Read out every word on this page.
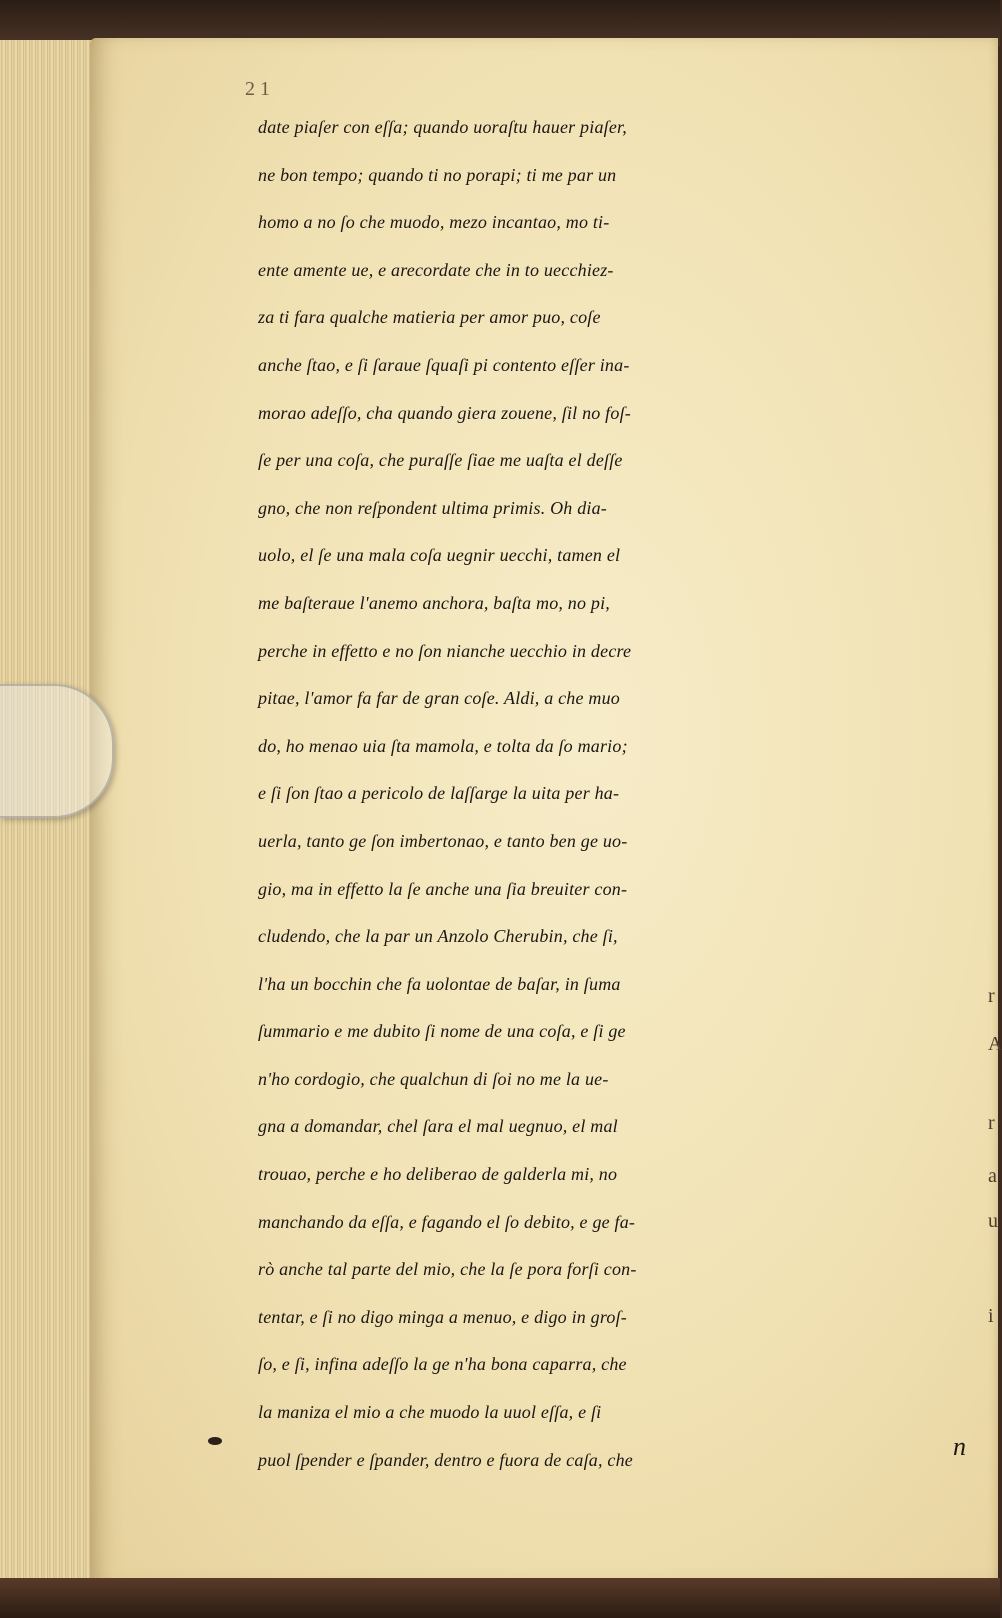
2 1
date piaſer con eſſa; quando uoraſtu hauer piaſer,
ne bon tempo; quando ti no porapi; ti me par un
homo a no ſo che muodo, mezo incantao, mo ti-
ente amente ue, e arecordate che in to uecchiez-
za ti fara qualche matieria per amor puo, coſe
anche ſtao, e ſi ſaraue ſquaſi pi contento eſſer ina-
morao adeſſo, cha quando giera zouene, ſil no foſ-
ſe per una coſa, che puraſſe ſiae me uaſta el deſſe
gno, che non reſpondent ultima primis. Oh dia-
uolo, el ſe una mala coſa uegnir uecchi, tamen el
me baſteraue l'anemo anchora, baſta mo, no pi,
perche in effetto e no ſon nianche uecchio in decre
pitae, l'amor fa far de gran coſe. Aldi, a che muo
do, ho menao uia ſta mamola, e tolta da ſo mario;
e ſi ſon ſtao a pericolo de laſſarge la uita per ha-
uerla, tanto ge ſon imbertonao, e tanto ben ge uo-
gio, ma in effetto la ſe anche una ſia breuiter con-
cludendo, che la par un Anzolo Cherubin, che ſi,
l'ha un bocchin che fa uolontae de baſar, in ſuma
ſummario e me dubito ſi nome de una coſa, e ſi ge
n'ho cordogio, che qualchun di ſoi no me la ue-
gna a domandar, chel ſara el mal uegnuo, el mal
trouao, perche e ho deliberao de galderla mi, no
manchando da eſſa, e fagando el ſo debito, e ge fa-
rò anche tal parte del mio, che la ſe pora forſi con-
tentar, e ſi no digo minga a menuo, e digo in groſ-
ſo, e ſi, infina adeſſo la ge n'ha bona caparra, che
la maniza el mio a che muodo la uuol eſſa, e ſi
puol ſpender e ſpander, dentro e fuora de caſa, che
r
A
r
a
u
i
n
